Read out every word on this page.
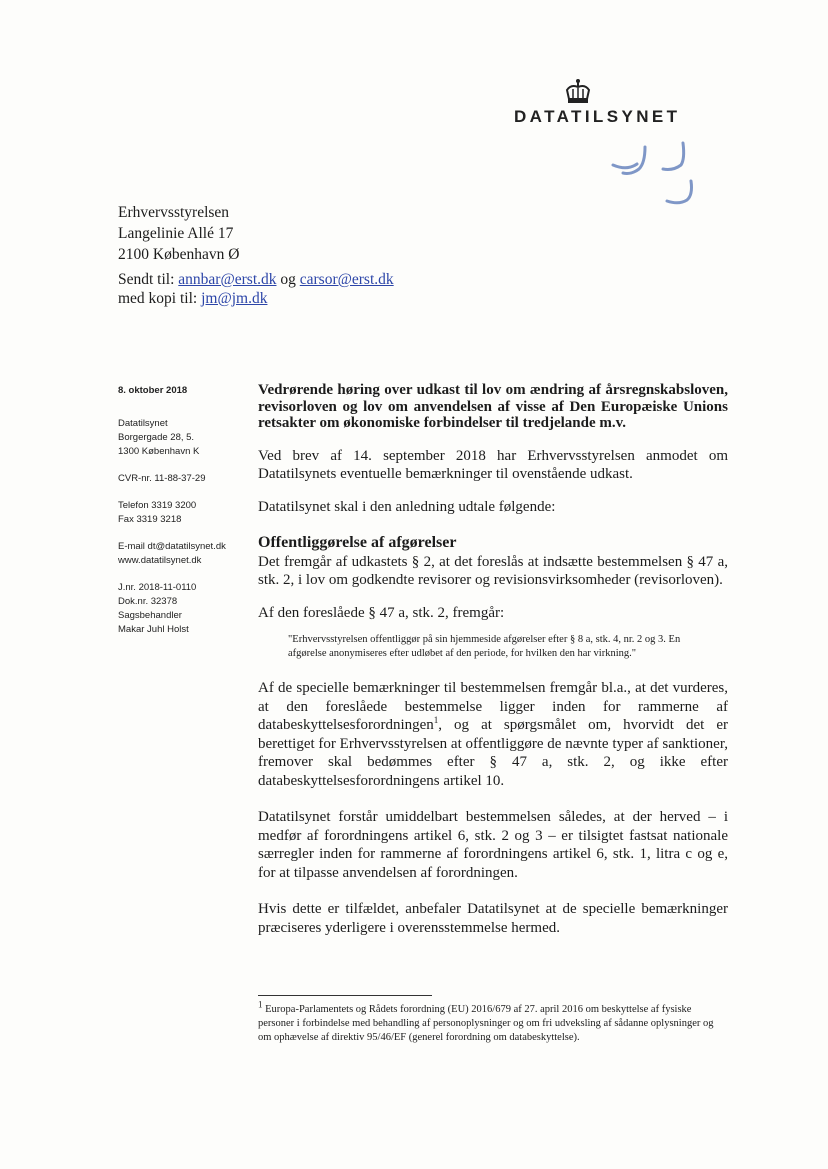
DATATILSYNET
Erhvervsstyrelsen
Langelinie Allé 17
2100 København Ø
Sendt til: annbar@erst.dk og carsor@erst.dk
med kopi til: jm@jm.dk
8. oktober 2018
Datatilsynet
Borgergade 28, 5.
1300 København K
CVR-nr. 11-88-37-29
Telefon 3319 3200
Fax 3319 3218
E-mail dt@datatilsynet.dk
www.datatilsynet.dk
J.nr. 2018-11-0110
Dok.nr. 32378
Sagsbehandler
Makar Juhl Holst

Vedrørende høring over udkast til lov om ændring af årsregnskabsloven, revisorloven og lov om anvendelsen af visse af Den Europæiske Unions retsakter om økonomiske forbindelser til tredjelande m.v.

Ved brev af 14. september 2018 har Erhvervsstyrelsen anmodet om Datatilsynets eventuelle bemærkninger til ovenstående udkast.

Datatilsynet skal i den anledning udtale følgende:

Offentliggørelse af afgørelser

Det fremgår af udkastets § 2, at det foreslås at indsætte bestemmelsen § 47 a, stk. 2, i lov om godkendte revisorer og revisionsvirksomheder (revisorloven).

Af den foreslåede § 47 a, stk. 2, fremgår:

"Erhvervsstyrelsen offentliggør på sin hjemmeside afgørelser efter § 8 a, stk. 4, nr. 2 og 3. En afgørelse anonymiseres efter udløbet af den periode, for hvilken den har virkning."

Af de specielle bemærkninger til bestemmelsen fremgår bl.a., at det vurderes, at den foreslåede bestemmelse ligger inden for rammerne af databeskyttelsesforordningen$^1$, og at spørgsmålet om, hvorvidt det er berettiget for Erhvervsstyrelsen at offentliggøre de nævnte typer af sanktioner, fremover skal bedømmes efter § 47 a, stk. 2, og ikke efter databeskyttelsesforordningens artikel 10.

Datatilsynet forstår umiddelbart bestemmelsen således, at der herved – i medfør af forordningens artikel 6, stk. 2 og 3 – er tilsigtet fastsat nationale særregler inden for rammerne af forordningens artikel 6, stk. 1, litra c og e, for at tilpasse anvendelsen af forordningen.

Hvis dette er tilfældet, anbefaler Datatilsynet at de specielle bemærkninger præciseres yderligere i overensstemmelse hermed.

1 Europa-Parlamentets og Rådets forordning (EU) 2016/679 af 27. april 2016 om beskyttelse af fysiske personer i forbindelse med behandling af personoplysninger og om fri udveksling af sådanne oplysninger og om ophævelse af direktiv 95/46/EF (generel forordning om databeskyttelse).
